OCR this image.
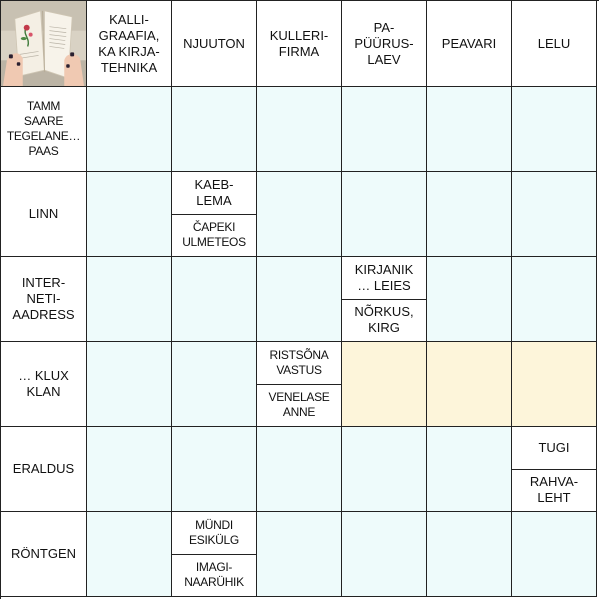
KALLI-
GRAAFIA,
KA KIRJA-
TEHNIKA
NJUUTON
KULLERI-
FIRMA
PA-
PÜÜRUS-
LAEV
PEAVARI	LELU
TAMM
SAARE
TEGELANE…
PAAS
LINN
KAEB-
LEMA
ČAPEKI
ULMETEOS
INTER-
NETI-
AADRESS
KIRJANIK
… LEIES
NÕRKUS,
KIRG
… KLUX
KLAN
RISTSÕNA
VASTUS
VENELASE
ANNE
ERALDUS
TUGI
RAHVA-
LEHT
RÖNTGEN
MÜNDI
ESIKÜLG
IMAGI-
NAARÜHIK
